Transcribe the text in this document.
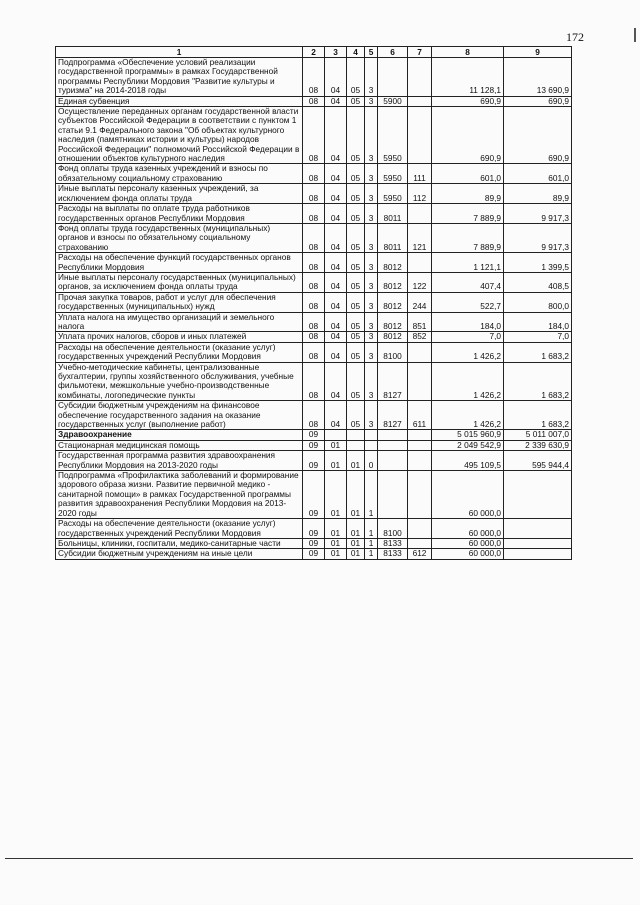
172
1	2	3	4	5	6	7	8	9
Подпрограмма «Обеспечение условий реализации государственной программы» в рамках Государственной программы Республики Мордовия "Развитие культуры и туризма" на 2014-2018 годы	08	04	05	3			11 128,1	13 690,9
Единая субвенция	08	04	05	3	5900		690,9	690,9
Осуществление переданных органам государственной власти субъектов Российской Федерации в соответствии с пунктом 1 статьи 9.1 Федерального закона "Об объектах культурного наследия (памятниках истории и культуры) народов Российской Федерации" полномочий Российской Федерации в отношении объектов культурного наследия	08	04	05	3	5950		690,9	690,9
Фонд оплаты труда казенных учреждений и взносы по обязательному социальному страхованию	08	04	05	3	5950	111	601,0	601,0
Иные выплаты персоналу казенных учреждений, за исключением фонда оплаты труда	08	04	05	3	5950	112	89,9	89,9
Расходы на выплаты по оплате труда работников государственных органов Республики Мордовия	08	04	05	3	8011		7 889,9	9 917,3
Фонд оплаты труда государственных (муниципальных) органов и взносы по обязательному социальному страхованию	08	04	05	3	8011	121	7 889,9	9 917,3
Расходы на обеспечение функций государственных органов Республики Мордовия	08	04	05	3	8012		1 121,1	1 399,5
Иные выплаты персоналу государственных (муниципальных) органов, за исключением фонда оплаты труда	08	04	05	3	8012	122	407,4	408,5
Прочая закупка товаров, работ и услуг для обеспечения государственных (муниципальных) нужд	08	04	05	3	8012	244	522,7	800,0
Уплата налога на имущество организаций и земельного налога	08	04	05	3	8012	851	184,0	184,0
Уплата прочих налогов, сборов и иных платежей	08	04	05	3	8012	852	7,0	7,0
Расходы на обеспечение деятельности (оказание услуг) государственных учреждений Республики Мордовия	08	04	05	3	8100		1 426,2	1 683,2
Учебно-методические кабинеты, централизованные бухгалтерии, группы хозяйственного обслуживания, учебные фильмотеки, межшкольные учебно-производственные комбинаты, логопедические пункты	08	04	05	3	8127		1 426,2	1 683,2
Субсидии бюджетным учреждениям на финансовое обеспечение государственного задания на оказание государственных услуг (выполнение работ)	08	04	05	3	8127	611	1 426,2	1 683,2
Здравоохранение	09						5 015 960,9	5 011 007,0
Стационарная медицинская помощь	09	01					2 049 542,9	2 339 630,9
Государственная программа развития здравоохранения Республики Мордовия на 2013-2020 годы	09	01	01	0			495 109,5	595 944,4
Подпрограмма «Профилактика заболеваний и формирование здорового образа жизни. Развитие первичной медико - санитарной помощи» в рамках Государственной программы развития здравоохранения Республики Мордовия на 2013-2020 годы	09	01	01	1			60 000,0	
Расходы на обеспечение деятельности (оказание услуг) государственных учреждений Республики Мордовия	09	01	01	1	8100		60 000,0	
Больницы, клиники, госпитали, медико-санитарные части	09	01	01	1	8133		60 000,0	
Субсидии бюджетным учреждениям на иные цели	09	01	01	1	8133	612	60 000,0	
